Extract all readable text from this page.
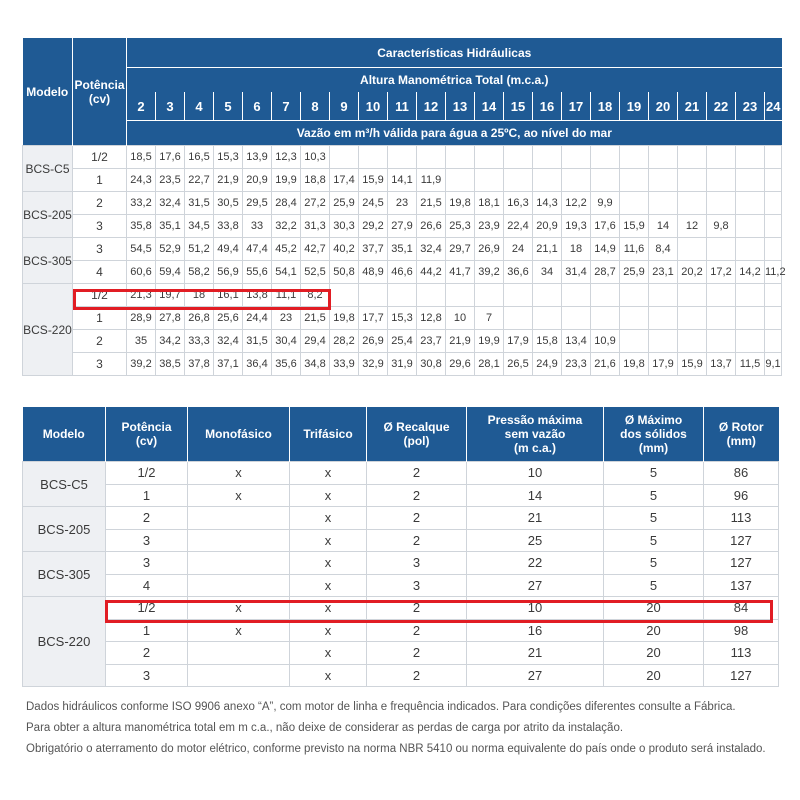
Modelo	Potência
(cv)	Características Hidráulicas																						
		Altura Manométrica Total (m.c.a.)																						
		2	3	4	5	6	7	8	9	10	11	12	13	14	15	16	17	18	19	20	21	22	23	24
		Vazão em m³/h válida para água a 25ºC, ao nível do mar																						
BCS-C5	1/2	18,5	17,6	16,5	15,3	13,9	12,3	10,3																
	1	24,3	23,5	22,7	21,9	20,9	19,9	18,8	17,4	15,9	14,1	11,9												
BCS-205	2	33,2	32,4	31,5	30,5	29,5	28,4	27,2	25,9	24,5	23	21,5	19,8	18,1	16,3	14,3	12,2	9,9						
	3	35,8	35,1	34,5	33,8	33	32,2	31,3	30,3	29,2	27,9	26,6	25,3	23,9	22,4	20,9	19,3	17,6	15,9	14	12	9,8		
BCS-305	3	54,5	52,9	51,2	49,4	47,4	45,2	42,7	40,2	37,7	35,1	32,4	29,7	26,9	24	21,1	18	14,9	11,6	8,4				
	4	60,6	59,4	58,2	56,9	55,6	54,1	52,5	50,8	48,9	46,6	44,2	41,7	39,2	36,6	34	31,4	28,7	25,9	23,1	20,2	17,2	14,2	11,2
BCS-220	1/2	21,3	19,7	18	16,1	13,8	11,1	8,2																
	1	28,9	27,8	26,8	25,6	24,4	23	21,5	19,8	17,7	15,3	12,8	10	7										
	2	35	34,2	33,3	32,4	31,5	30,4	29,4	28,2	26,9	25,4	23,7	21,9	19,9	17,9	15,8	13,4	10,9						
	3	39,2	38,5	37,8	37,1	36,4	35,6	34,8	33,9	32,9	31,9	30,8	29,6	28,1	26,5	24,9	23,3	21,6	19,8	17,9	15,9	13,7	11,5	9,1
Modelo	Potência
(cv)	Monofásico	Trifásico	Ø Recalque
(pol)	Pressão máxima
sem vazão
(m c.a.)	Ø Máximo
dos sólidos
(mm)	Ø Rotor
(mm)
BCS-C5	1/2	x	x	2	10	5	86
	1	x	x	2	14	5	96
BCS-205	2		x	2	21	5	113
	3		x	2	25	5	127
BCS-305	3		x	3	22	5	127
	4		x	3	27	5	137
BCS-220	1/2	x	x	2	10	20	84
	1	x	x	2	16	20	98
	2		x	2	21	20	113
	3		x	2	27	20	127

Dados hidráulicos conforme ISO 9906 anexo “A”, com motor de linha e frequência indicados. Para condições diferentes consulte a Fábrica.

Para obter a altura manométrica total em m c.a., não deixe de considerar as perdas de carga por atrito da instalação.

Obrigatório o aterramento do motor elétrico, conforme previsto na norma NBR 5410 ou norma equivalente do país onde o produto será instalado.
